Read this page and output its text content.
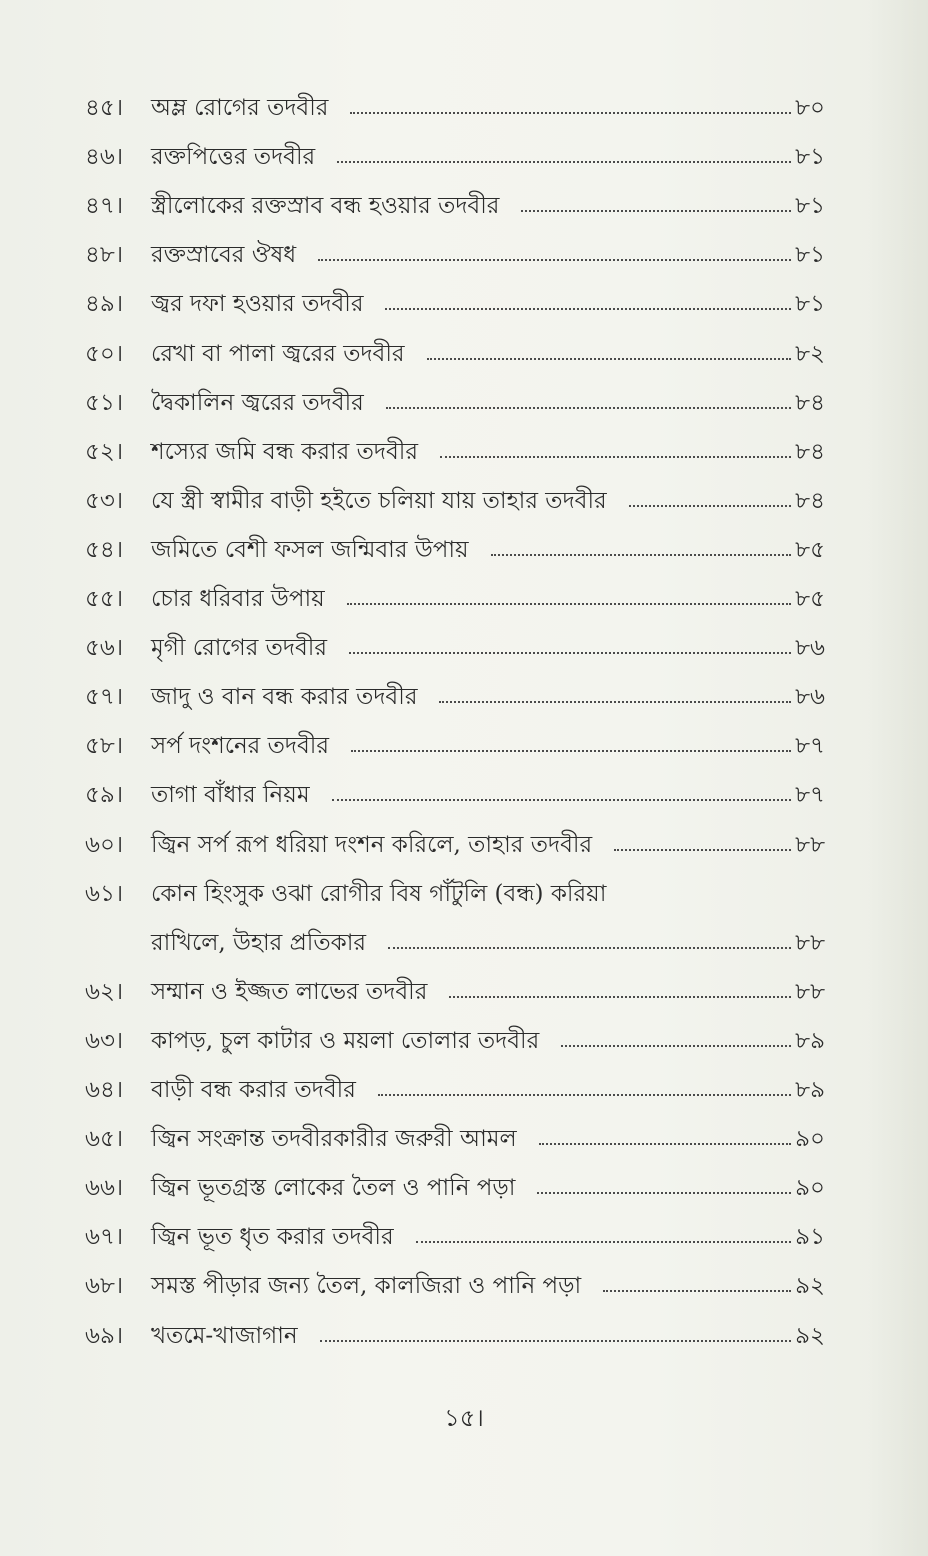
৪৫। অম্ল রোগের তদবীর	৮০
৪৬। রক্তপিত্তের তদবীর	৮১
৪৭। স্ত্রীলোকের রক্তস্রাব বন্ধ হওয়ার তদবীর	৮১
৪৮। রক্তস্রাবের ঔষধ	৮১
৪৯। জ্বর দফা হওয়ার তদবীর	৮১
৫০। রেখা বা পালা জ্বরের তদবীর	৮২
৫১। দ্বৈকালিন জ্বরের তদবীর	৮৪
৫২। শস্যের জমি বন্ধ করার তদবীর	৮৪
৫৩। যে স্ত্রী স্বামীর বাড়ী হইতে চলিয়া যায় তাহার তদবীর	৮৪
৫৪। জমিতে বেশী ফসল জন্মিবার উপায়	৮৫
৫৫। চোর ধরিবার উপায়	৮৫
৫৬। মৃগী রোগের তদবীর	৮৬
৫৭। জাদু ও বান বন্ধ করার তদবীর	৮৬
৫৮। সর্প দংশনের তদবীর	৮৭
৫৯। তাগা বাঁধার নিয়ম	৮৭
৬০। জ্বিন সর্প রূপ ধরিয়া দংশন করিলে, তাহার তদবীর	৮৮
৬১। কোন হিংসুক ওঝা রোগীর বিষ গাঁটুলি (বন্ধ) করিয়া
রাখিলে, উহার প্রতিকার	৮৮
৬২। সম্মান ও ইজ্জত লাভের তদবীর	৮৮
৬৩। কাপড়, চুল কাটার ও ময়লা তোলার তদবীর	৮৯
৬৪। বাড়ী বন্ধ করার তদবীর	৮৯
৬৫। জ্বিন সংক্রান্ত তদবীরকারীর জরুরী আমল	৯০
৬৬। জ্বিন ভূতগ্রস্ত লোকের তৈল ও পানি পড়া	৯০
৬৭। জ্বিন ভূত ধৃত করার তদবীর	৯১
৬৮। সমস্ত পীড়ার জন্য তৈল, কালজিরা ও পানি পড়া	৯২
৬৯। খতমে-খাজাগান	৯২
১৫।
